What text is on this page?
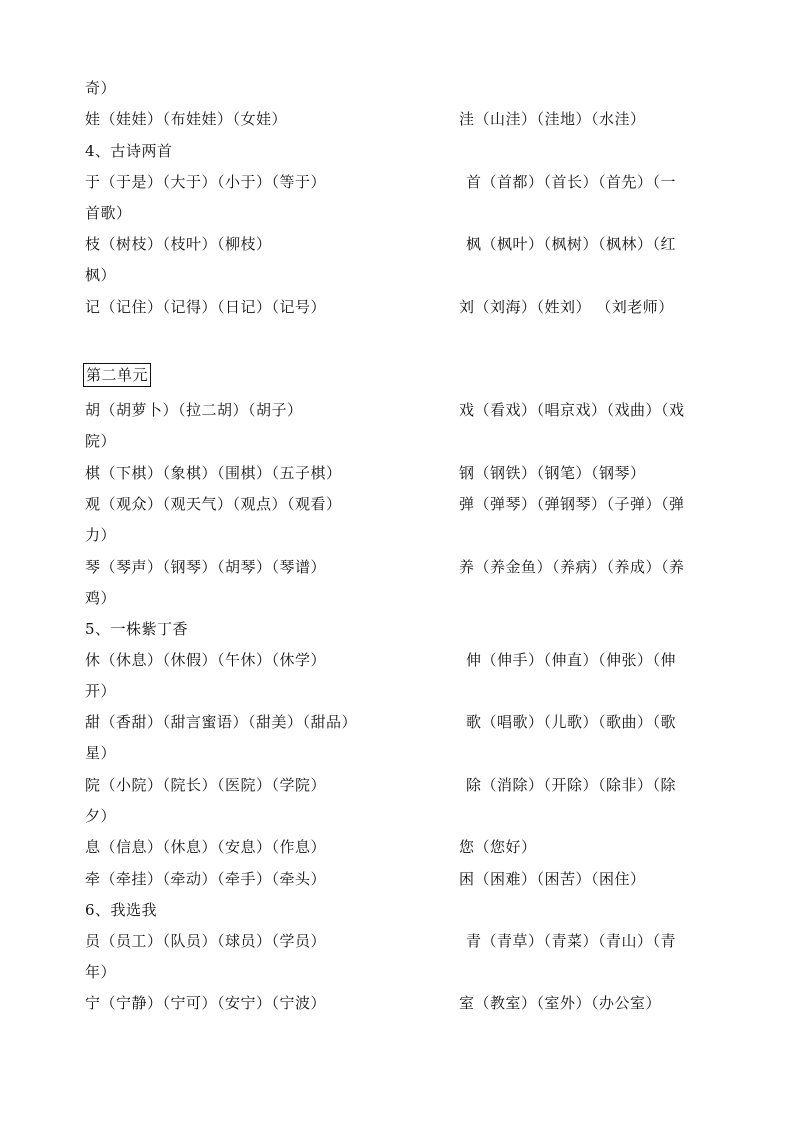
奇）
娃（娃娃）（布娃娃）（女娃）	洼（山洼）（洼地）（水洼）
4、古诗两首
于（于是）（大于）（小于）（等于）	首（首都）（首长）（首先）（一
首歌）
枝（树枝）（枝叶）（柳枝）	枫（枫叶）（枫树）（枫林）（红
枫）
记（记住）（记得）（日记）（记号）	刘（刘海）（姓刘） （刘老师）
第二单元
胡（胡萝卜）（拉二胡）（胡子）	戏（看戏）（唱京戏）（戏曲）（戏
院）
棋（下棋）（象棋）（围棋）（五子棋）	钢（钢铁）（钢笔）（钢琴）
观（观众）（观天气）（观点）（观看）	弹（弹琴）（弹钢琴）（子弹）（弹
力）
琴（琴声）（钢琴）（胡琴）（琴谱）	养（养金鱼）（养病）（养成）（养
鸡）
5、一株紫丁香
休（休息）（休假）（午休）（休学）	伸（伸手）（伸直）（伸张）（伸
开）
甜（香甜）（甜言蜜语）（甜美）（甜品）	歌（唱歌）（儿歌）（歌曲）（歌
星）
院（小院）（院长）（医院）（学院）	除（消除）（开除）（除非）（除
夕）
息（信息）（休息）（安息）（作息）	您（您好）
牵（牵挂）（牵动）（牵手）（牵头）	困（困难）（困苦）（困住）
6、我选我
员（员工）（队员）（球员）（学员）	青（青草）（青菜）（青山）（青
年）
宁（宁静）（宁可）（安宁）（宁波）	室（教室）（室外）（办公室）
